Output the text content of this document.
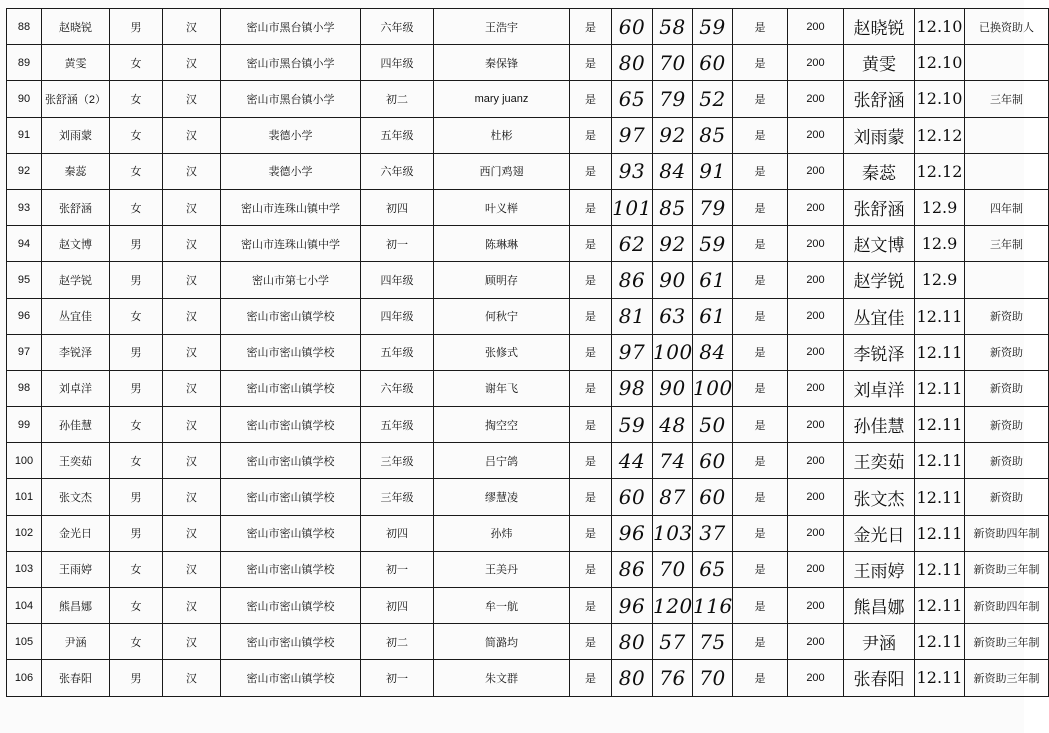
88	赵晓锐	男	汉	密山市黑台镇小学	六年级	王浩宇	是	60	58	59	是	200	赵晓锐	12.10	已换资助人
89	黄雯	女	汉	密山市黑台镇小学	四年级	秦保锋	是	80	70	60	是	200	黄雯	12.10	
90	张舒涵（2）	女	汉	密山市黑台镇小学	初二	mary juanz	是	65	79	52	是	200	张舒涵	12.10	三年制
91	刘雨蒙	女	汉	裴德小学	五年级	杜彬	是	97	92	85	是	200	刘雨蒙	12.12	
92	秦蕊	女	汉	裴德小学	六年级	西门鸡翅	是	93	84	91	是	200	秦蕊	12.12	
93	张舒涵	女	汉	密山市连珠山镇中学	初四	叶义榉	是	101	85	79	是	200	张舒涵	12.9	四年制
94	赵文博	男	汉	密山市连珠山镇中学	初一	陈琳琳	是	62	92	59	是	200	赵文博	12.9	三年制
95	赵学锐	男	汉	密山市第七小学	四年级	顾明存	是	86	90	61	是	200	赵学锐	12.9	
96	丛宜佳	女	汉	密山市密山镇学校	四年级	何秋宁	是	81	63	61	是	200	丛宜佳	12.11	新资助
97	李锐泽	男	汉	密山市密山镇学校	五年级	张修式	是	97	100	84	是	200	李锐泽	12.11	新资助
98	刘卓洋	男	汉	密山市密山镇学校	六年级	谢年飞	是	98	90	100	是	200	刘卓洋	12.11	新资助
99	孙佳慧	女	汉	密山市密山镇学校	五年级	掏空空	是	59	48	50	是	200	孙佳慧	12.11	新资助
100	王奕茹	女	汉	密山市密山镇学校	三年级	吕宁鸽	是	44	74	60	是	200	王奕茹	12.11	新资助
101	张文杰	男	汉	密山市密山镇学校	三年级	缪慧凌	是	60	87	60	是	200	张文杰	12.11	新资助
102	金光日	男	汉	密山市密山镇学校	初四	孙炜	是	96	103	37	是	200	金光日	12.11	新资助四年制
103	王雨婷	女	汉	密山市密山镇学校	初一	王美丹	是	86	70	65	是	200	王雨婷	12.11	新资助三年制
104	熊昌娜	女	汉	密山市密山镇学校	初四	牟一航	是	96	120	116	是	200	熊昌娜	12.11	新资助四年制
105	尹涵	女	汉	密山市密山镇学校	初二	简潞均	是	80	57	75	是	200	尹涵	12.11	新资助三年制
106	张春阳	男	汉	密山市密山镇学校	初一	朱文群	是	80	76	70	是	200	张春阳	12.11	新资助三年制
